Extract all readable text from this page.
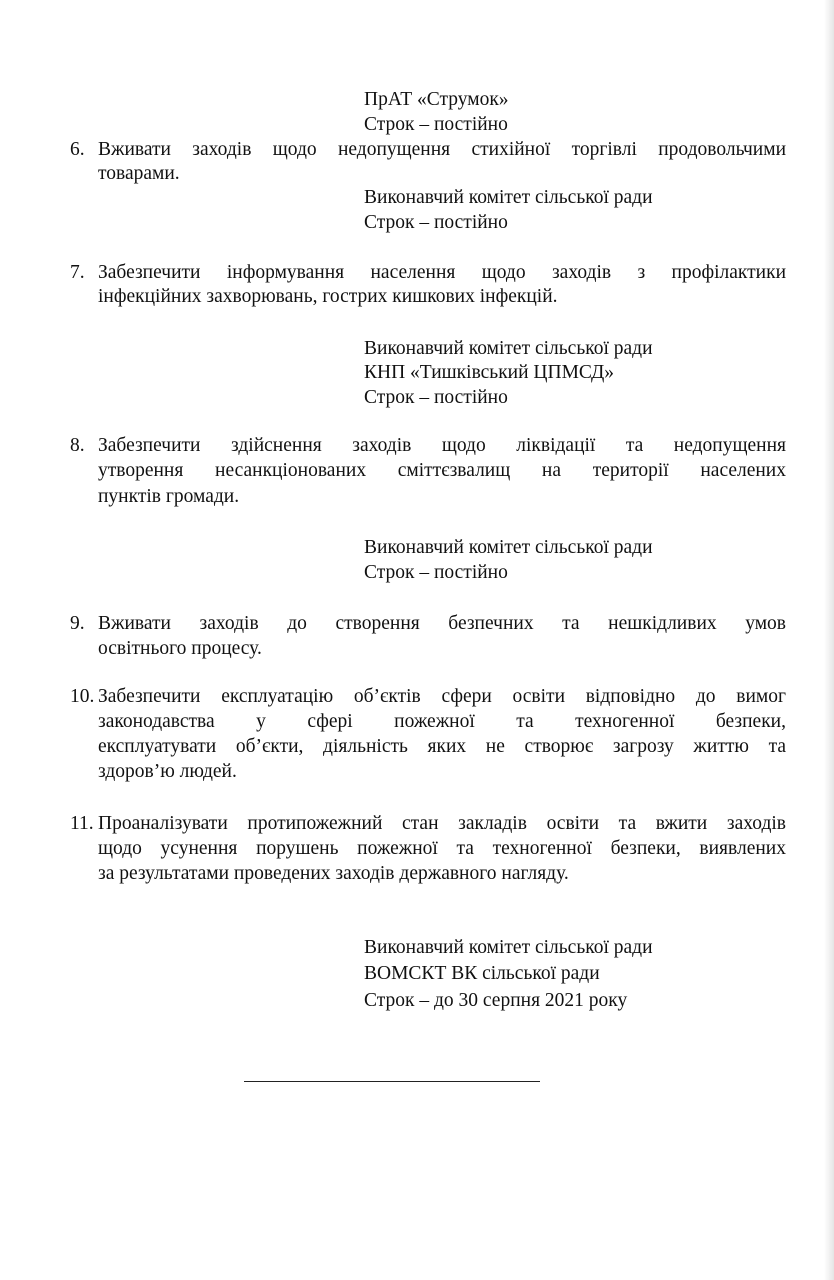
ПрАТ «Струмок»
Строк – постійно
6. Вживати заходів щодо недопущення стихійної торгівлі продовольчими
товарами.
Виконавчий комітет сільської ради
Строк – постійно
7. Забезпечити інформування населення щодо заходів з профілактики
інфекційних захворювань, гострих кишкових інфекцій.
Виконавчий комітет сільської ради
КНП «Тишківський ЦПМСД»
Строк – постійно
8. Забезпечити здійснення заходів щодо ліквідації та недопущення
утворення несанкціонованих сміттєзвалищ на території населених
пунктів громади.
Виконавчий комітет сільської ради
Строк – постійно
9. Вживати заходів до створення безпечних та нешкідливих умов
освітнього процесу.
10. Забезпечити експлуатацію об’єктів сфери освіти відповідно до вимог
законодавства у сфері пожежної та техногенної безпеки,
експлуатувати об’єкти, діяльність яких не створює загрозу життю та
здоров’ю людей.
11. Проаналізувати протипожежний стан закладів освіти та вжити заходів
щодо усунення порушень пожежної та техногенної безпеки, виявлених
за результатами проведених заходів державного нагляду.
Виконавчий комітет сільської ради
ВОМСКТ ВК сільської ради
Строк – до 30 серпня 2021 року
